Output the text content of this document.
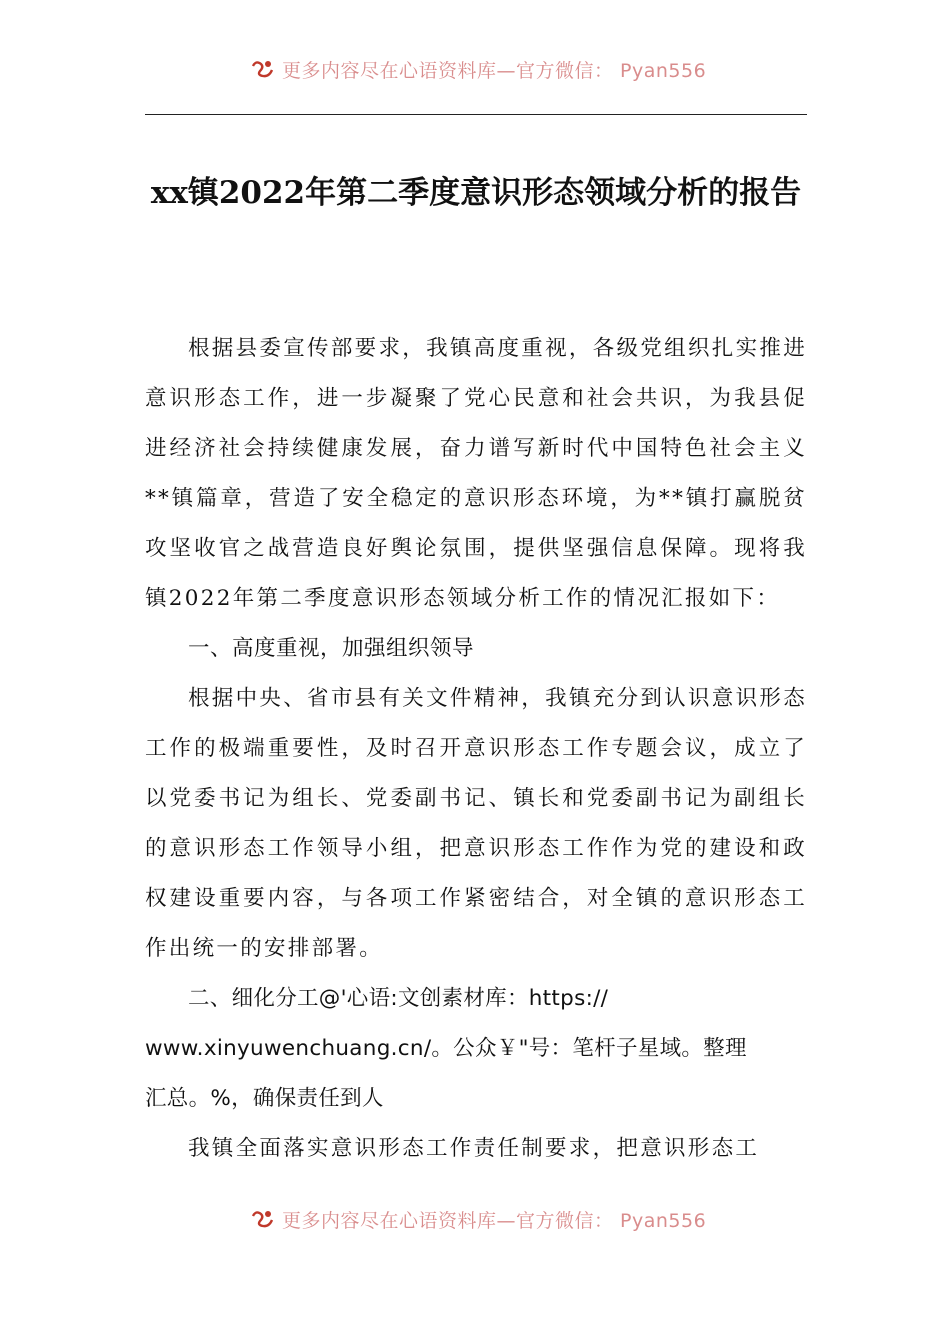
更多内容尽在心语资料库—官方微信： Pyan556
xx镇2022年第二季度意识形态领域分析的报告

根据县委宣传部要求，我镇高度重视，各级党组织扎实推进意识形态工作，进一步凝聚了党心民意和社会共识，为我县促进经济社会持续健康发展，奋力谱写新时代中国特色社会主义**镇篇章，营造了安全稳定的意识形态环境，为**镇打赢脱贫攻坚收官之战营造良好舆论氛围，提供坚强信息保障。现将我镇2022年第二季度意识形态领域分析工作的情况汇报如下：

一、高度重视，加强组织领导

根据中央、省市县有关文件精神，我镇充分到认识意识形态工作的极端重要性，及时召开意识形态工作专题会议，成立了以党委书记为组长、党委副书记、镇长和党委副书记为副组长的意识形态工作领导小组，把意识形态工作作为党的建设和政权建设重要内容，与各项工作紧密结合，对全镇的意识形态工作出统一的安排部署。

二、细化分工@'心语:文创素材库：https://
www.xinyuwenchuang.cn/。公众￥"号：笔杆子星域。整理
汇总。%，确保责任到人

我镇全面落实意识形态工作责任制要求，把意识形态工

更多内容尽在心语资料库—官方微信： Pyan556
